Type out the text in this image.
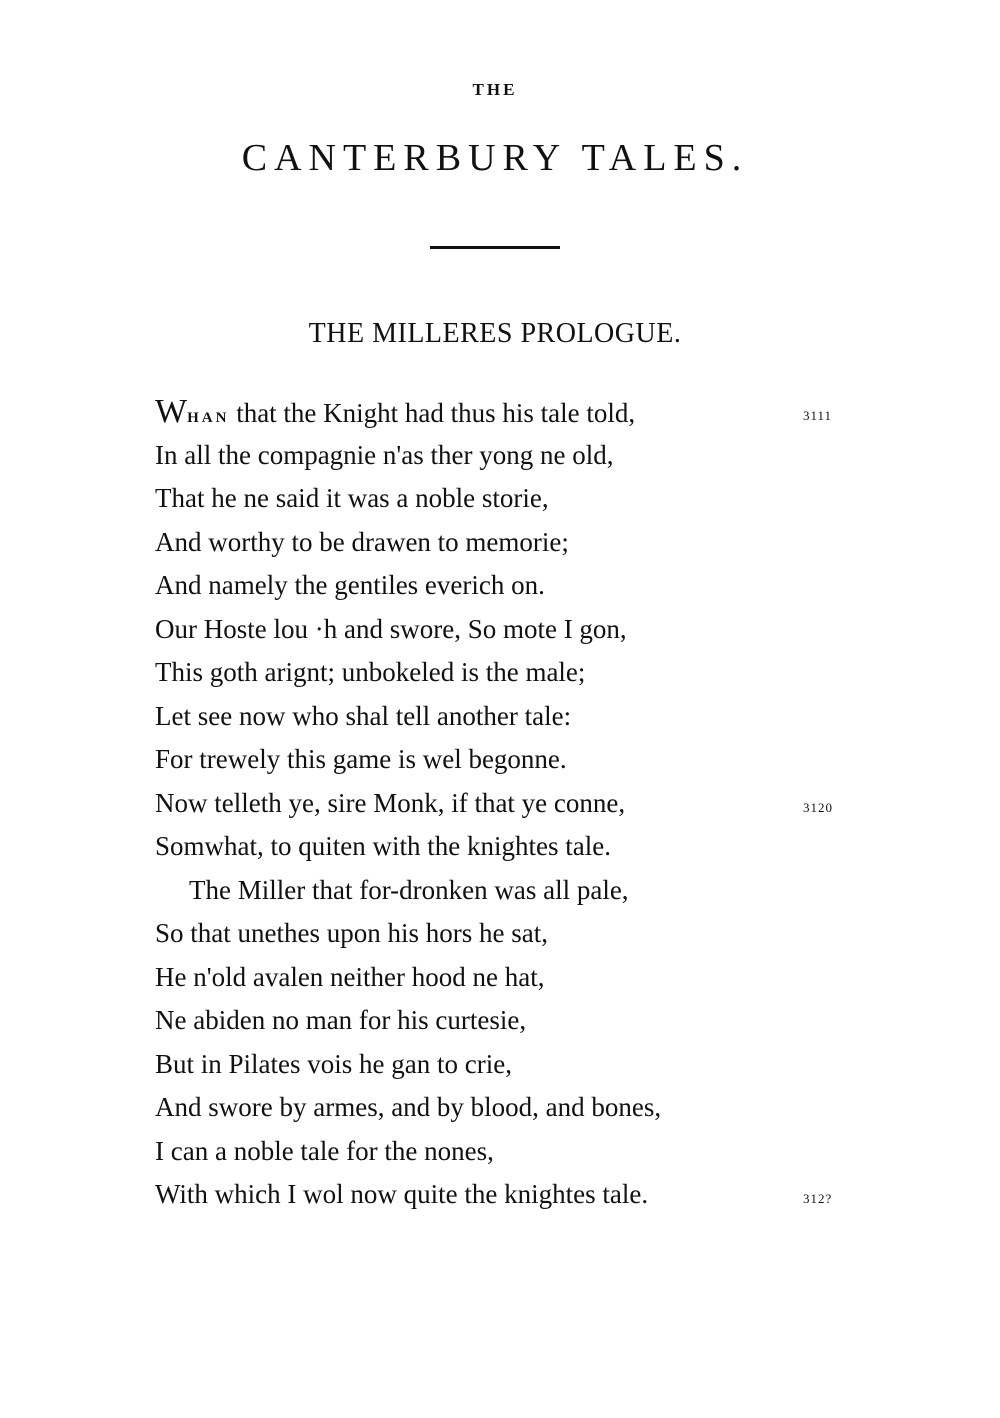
THE
CANTERBURY TALES.
THE MILLERES PROLOGUE.
WHAN that the Knight had thus his tale told,	3111
In all the compagnie n'as ther yong ne old,
That he ne said it was a noble storie,
And worthy to be drawen to memorie;
And namely the gentiles everich on.
Our Hoste lou ·h and swore, So mote I gon,
This goth arignt; unbokeled is the male;
Let see now who shal tell another tale:
For trewely this game is wel begonne.
Now telleth ye, sire Monk, if that ye conne,	3120
Somwhat, to quiten with the knightes tale.
The Miller that for-dronken was all pale,
So that unethes upon his hors he sat,
He n'old avalen neither hood ne hat,
Ne abiden no man for his curtesie,
But in Pilates vois he gan to crie,
And swore by armes, and by blood, and bones,
I can a noble tale for the nones,
With which I wol now quite the knightes tale.	312?
